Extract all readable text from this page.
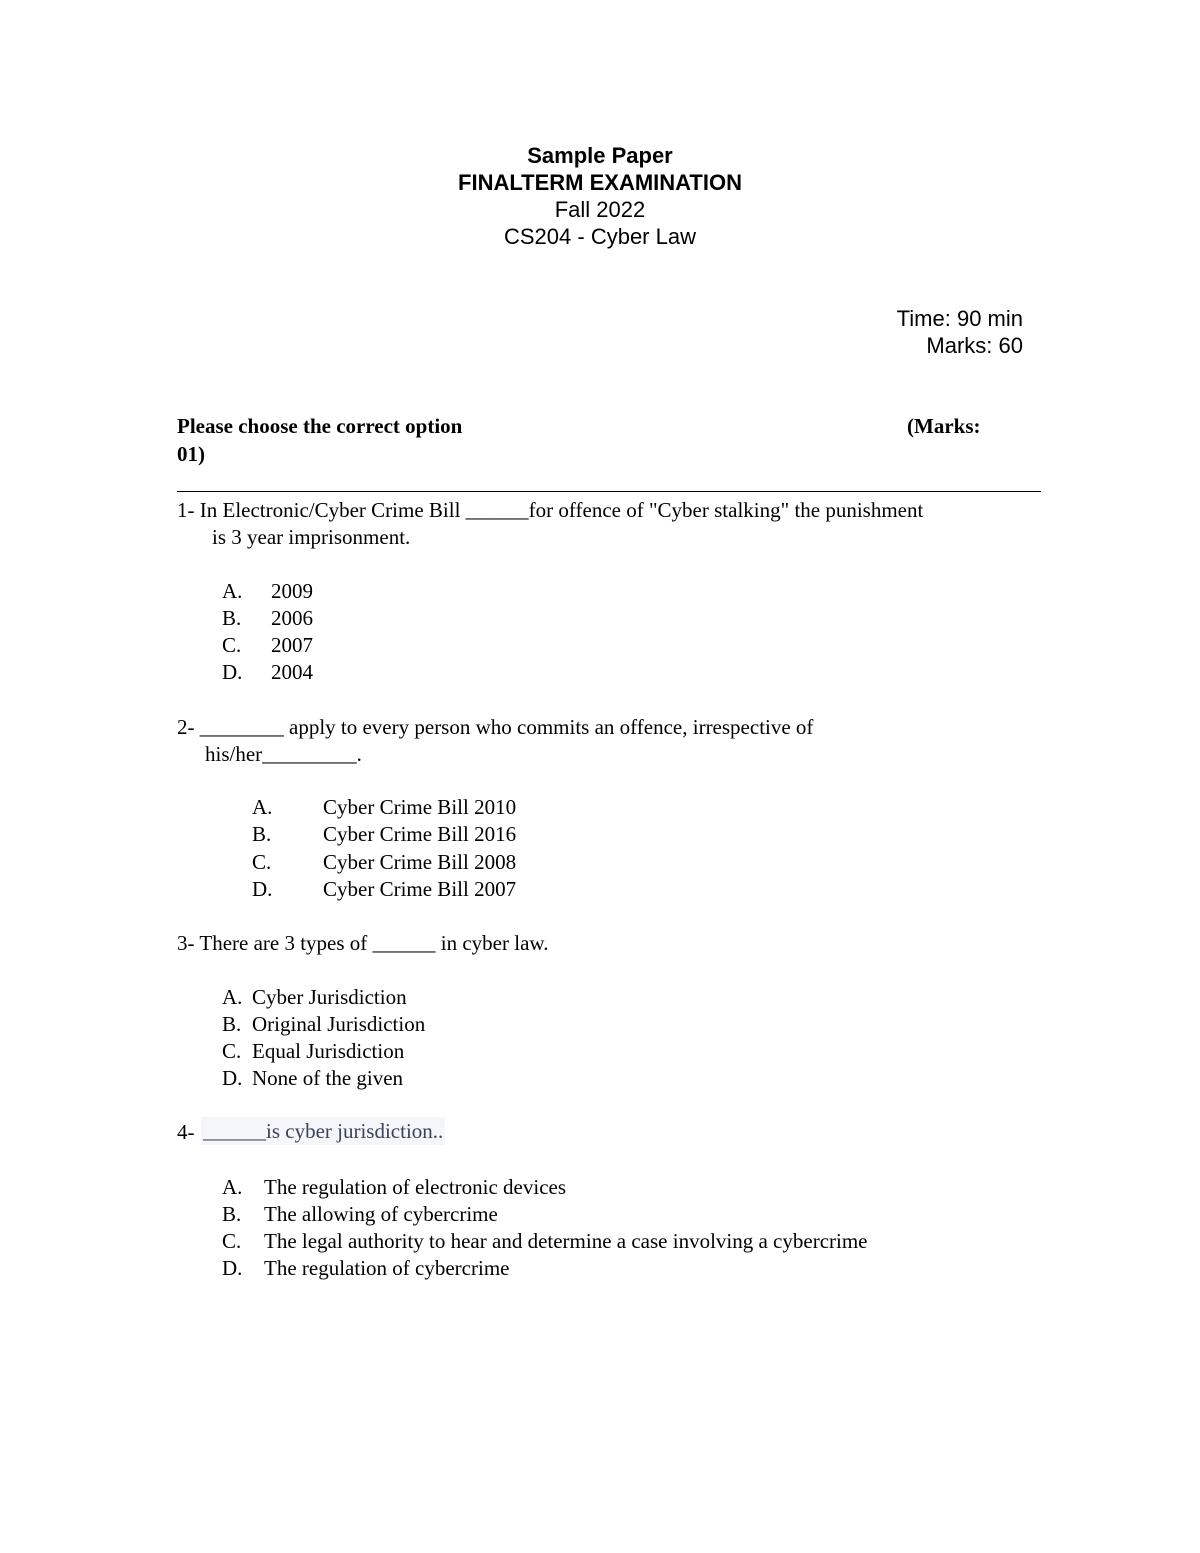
Sample Paper
FINALTERM EXAMINATION
Fall 2022
CS204 - Cyber Law
Time: 90 min
Marks: 60
Please choose the correct option	(Marks:
01)
1- In Electronic/Cyber Crime Bill ______for offence of "Cyber stalking" the punishment
is 3 year imprisonment.
A. 2009
B. 2006
C. 2007
D. 2004
2- ________ apply to every person who commits an offence, irrespective of
his/her_________.
A. Cyber Crime Bill 2010
B. Cyber Crime Bill 2016
C. Cyber Crime Bill 2008
D. Cyber Crime Bill 2007
3- There are 3 types of ______ in cyber law.
A. Cyber Jurisdiction
B. Original Jurisdiction
C. Equal Jurisdiction
D. None of the given
4- ______is cyber jurisdiction..
A. The regulation of electronic devices
B. The allowing of cybercrime
C. The legal authority to hear and determine a case involving a cybercrime
D. The regulation of cybercrime
